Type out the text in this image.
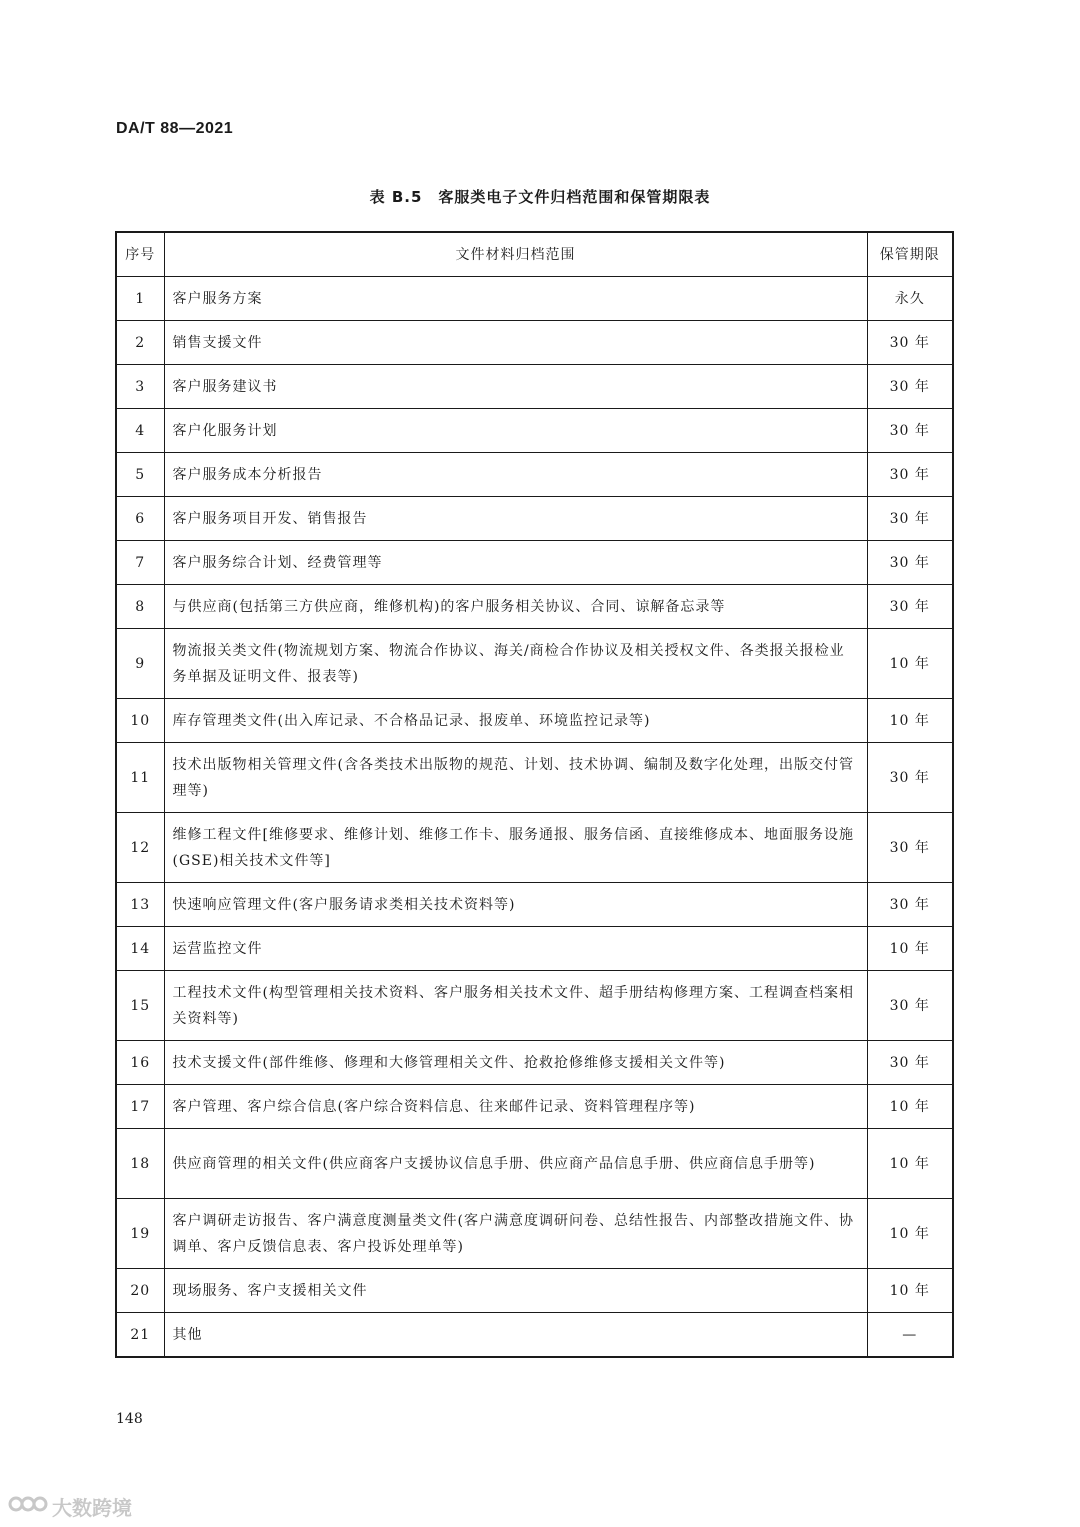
DA/T 88—2021
表 B.5　客服类电子文件归档范围和保管期限表
序号	文件材料归档范围	保管期限
1	客户服务方案	永久
2	销售支援文件	30 年
3	客户服务建议书	30 年
4	客户化服务计划	30 年
5	客户服务成本分析报告	30 年
6	客户服务项目开发、销售报告	30 年
7	客户服务综合计划、经费管理等	30 年
8	与供应商(包括第三方供应商，维修机构)的客户服务相关协议、合同、谅解备忘录等	30 年
9	物流报关类文件(物流规划方案、物流合作协议、海关/商检合作协议及相关授权文件、各类报关报检业务单据及证明文件、报表等)	10 年
10	库存管理类文件(出入库记录、不合格品记录、报废单、环境监控记录等)	10 年
11	技术出版物相关管理文件(含各类技术出版物的规范、计划、技术协调、编制及数字化处理，出版交付管理等)	30 年
12	维修工程文件[维修要求、维修计划、维修工作卡、服务通报、服务信函、直接维修成本、地面服务设施(GSE)相关技术文件等]	30 年
13	快速响应管理文件(客户服务请求类相关技术资料等)	30 年
14	运营监控文件	10 年
15	工程技术文件(构型管理相关技术资料、客户服务相关技术文件、超手册结构修理方案、工程调查档案相关资料等)	30 年
16	技术支援文件(部件维修、修理和大修管理相关文件、抢救抢修维修支援相关文件等)	30 年
17	客户管理、客户综合信息(客户综合资料信息、往来邮件记录、资料管理程序等)	10 年
18	供应商管理的相关文件(供应商客户支援协议信息手册、供应商产品信息手册、供应商信息手册等)	10 年
19	客户调研走访报告、客户满意度测量类文件(客户满意度调研问卷、总结性报告、内部整改措施文件、协调单、客户反馈信息表、客户投诉处理单等)	10 年
20	现场服务、客户支援相关文件	10 年
21	其他	—
148
大数跨境
